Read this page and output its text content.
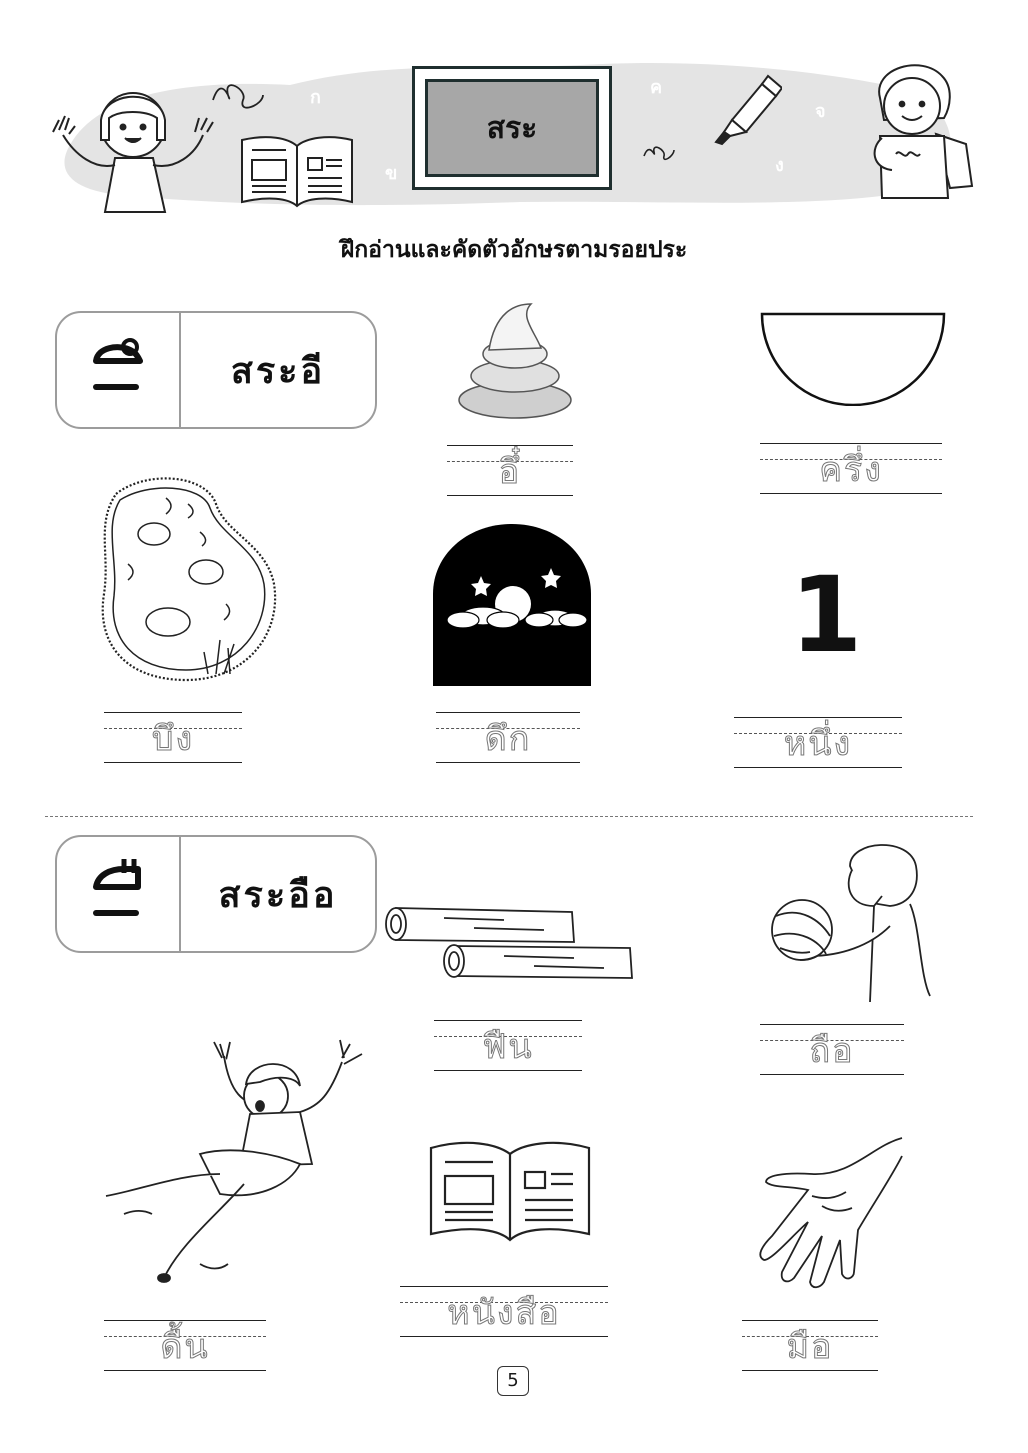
ก
ข
ค
ง
จ
สระ
ฝึกอ่านและคัดตัวอักษรตามรอยประ
สระอี
อึ๋	ครึ่ง
1
บึง	ดึก	หนึ่ง
สระอือ
ฟืน	ถือ
ดื้น
หนังสือ
มือ
5
